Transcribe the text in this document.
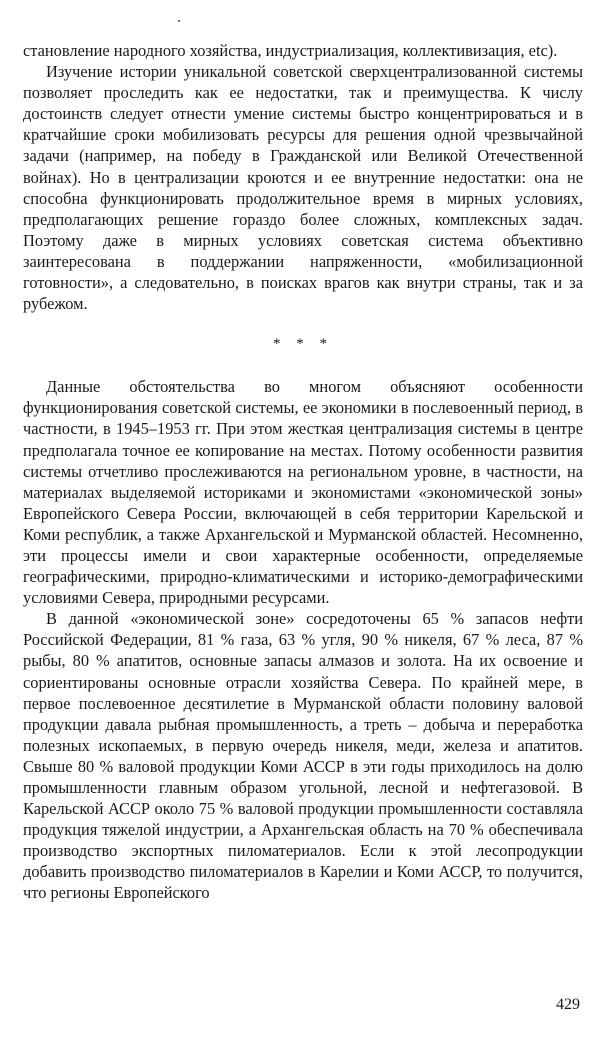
становление народного хозяйства, индустриализация, коллективизация, etc).

Изучение истории уникальной советской сверхцентрализованной системы позволяет проследить как ее недостатки, так и преимущества. К числу достоинств следует отнести умение системы быстро концентрироваться и в кратчайшие сроки мобилизовать ресурсы для решения одной чрезвычайной задачи (например, на победу в Гражданской или Великой Отечественной войнах). Но в централизации кроются и ее внутренние недостатки: она не способна функционировать продолжительное время в мирных условиях, предполагающих решение гораздо более сложных, комплексных задач. Поэтому даже в мирных условиях советская система объективно заинтересована в поддержании напряженности, «мобилизационной готовности», а следовательно, в поисках врагов как внутри страны, так и за рубежом.

* * *

Данные обстоятельства во многом объясняют особенности функционирования советской системы, ее экономики в послевоенный период, в частности, в 1945–1953 гг. При этом жесткая централизация системы в центре предполагала точное ее копирование на местах. Потому особенности развития системы отчетливо прослеживаются на региональном уровне, в частности, на материалах выделяемой историками и экономистами «экономической зоны» Европейского Севера России, включающей в себя территории Карельской и Коми республик, а также Архангельской и Мурманской областей. Несомненно, эти процессы имели и свои характерные особенности, определяемые географическими, природно-климатическими и историко-демографическими условиями Севера, природными ресурсами.

В данной «экономической зоне» сосредоточены 65 % запасов нефти Российской Федерации, 81 % газа, 63 % угля, 90 % никеля, 67 % леса, 87 % рыбы, 80 % апатитов, основные запасы алмазов и золота. На их освоение и сориентированы основные отрасли хозяйства Севера. По крайней мере, в первое послевоенное десятилетие в Мурманской области половину валовой продукции давала рыбная промышленность, а треть – добыча и переработка полезных ископаемых, в первую очередь никеля, меди, железа и апатитов. Свыше 80 % валовой продукции Коми АССР в эти годы приходилось на долю промышленности главным образом угольной, лесной и нефтегазовой. В Карельской АССР около 75 % валовой продукции промышленности составляла продукция тяжелой индустрии, а Архангельская область на 70 % обеспечивала производство экспортных пиломатериалов. Если к этой лесопродукции добавить производство пиломатериалов в Карелии и Коми АССР, то получится, что регионы Европейского

429
